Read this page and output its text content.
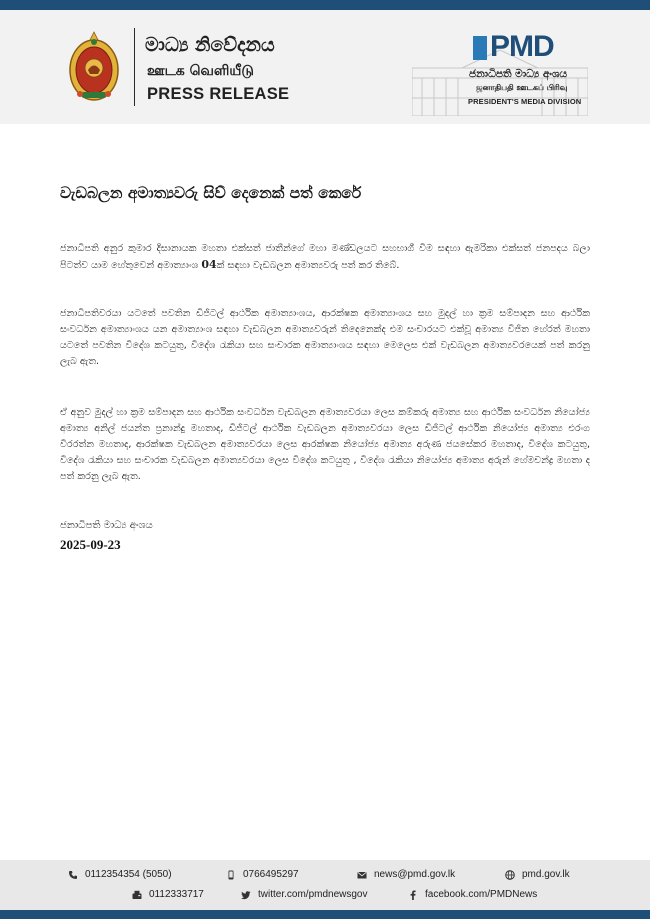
මාධ්‍ය නිවේදනය
ஊடக வெளியீடு
PRESS RELEASE
PMD
ජනාධිපති මාධ්‍ය අංශය
ஜனாதிபதி ஊடகப் பிரிவு
PRESIDENT'S MEDIA DIVISION
වැඩබලන අමාත්‍යවරු සිව් දෙනෙක් පත් කෙරේ

ජනාධිපති අනුර කුමාර දිසානායක මහතා එක්සත් ජාතීන්ගේ මහා මණ්ඩලයට සහභාගී වීම සඳහා ඇමරිකා එක්සත් ජනපදය බලා පිටත්ව යාම හේතුවෙන් අමාත්‍යාංශ 04ක් සඳහා වැඩබලන අමාත්‍යවරු පත් කර තිබේ.

ජනාධිපතිවරයා යටතේ පවතින ඩිජිටල් ආර්ථික අමාත්‍යාංශය, ආරක්ෂක අමාත්‍යාංශය සහ මුදල් හා ක්‍රම සම්පාදන සහ ආර්ථික සංවර්ධන අමාත්‍යාංශය යන අමාත්‍යාංශ සඳහා වැඩබලන අමාත්‍යවරුන් තිදෙනෙක්ද එම සංචාරයට එක්වූ අමාත්‍ය විජිත හේරත් මහතා යටතේ පවතින විදේශ කටයුතු, විදේශ රැකියා සහ සංචාරක අමාත්‍යාංශය සඳහා මෙලෙස එක් වැඩබලන අමාත්‍යවරයෙක් පත් කරනු ලැබ ඇත.

ඒ අනුව මුදල් හා ක්‍රම සම්පාදන සහ ආර්ථික සංවර්ධන වැඩබලන අමාත්‍යවරයා ලෙස කම්කරු අමාත්‍ය සහ ආර්ථික සංවර්ධන නියෝජ්‍ය අමාත්‍ය අනිල් ජයන්ත ප්‍රනාන්දු මහතාද, ඩිජිටල් ආර්ථික වැඩබලන අමාත්‍යවරයා ලෙස ඩිජිටල් ආර්ථික නියෝජ්‍ය අමාත්‍ය එරංග වීරරත්න මහතාද, ආරක්ෂක වැඩබලන අමාත්‍යවරයා ලෙස ආරක්ෂක නියෝජ්‍ය අමාත්‍ය අරුණ ජයසේකර මහතාද, විදේශ කටයුතු, විදේශ රැකියා සහ සංචාරක වැඩබලන අමාත්‍යවරයා ලෙස විදේශ කටයුතු , විදේශ රැකියා නියෝජ්‍ය අමාත්‍ය අරුන් හේමචන්ද්‍ර මහතා ද පත් කරනු ලැබ ඇත.

ජනාධිපති මාධ්‍ය අංශය
2025-09-23
0112354354 (5050)	0766495297	news@pmd.gov.lk	pmd.gov.lk
0112333717	twitter.com/pmdnewsgov	facebook.com/PMDNews
